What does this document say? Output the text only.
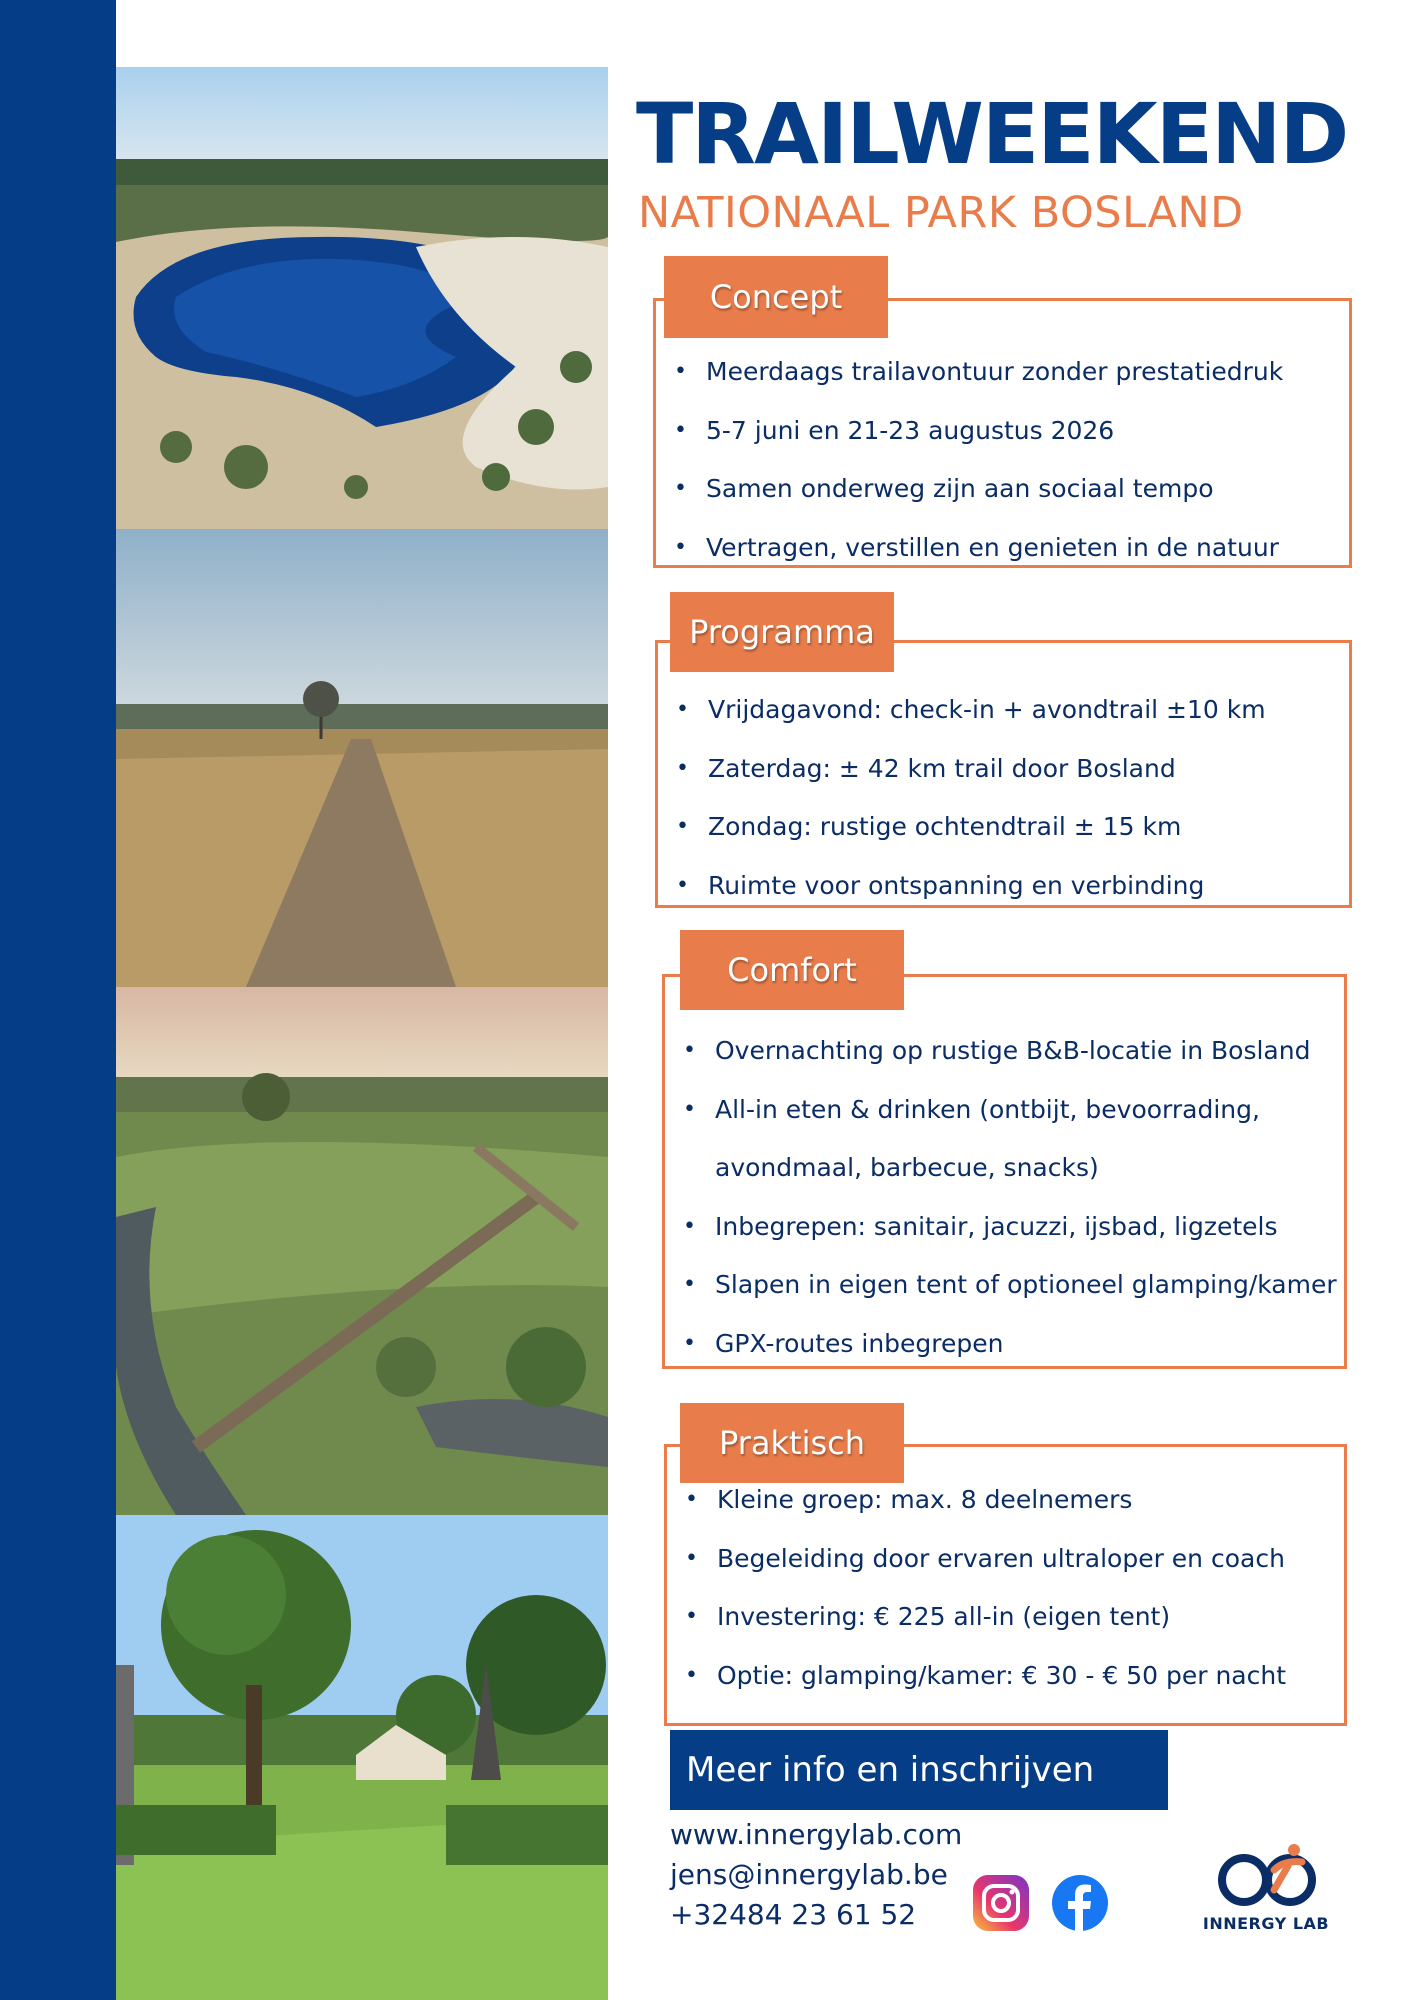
TRAILWEEKEND
NATIONAAL PARK BOSLAND
• Meerdaags trailavontuur zonder prestatiedruk
• 5-7 juni en 21-23 augustus 2026
• Samen onderweg zijn aan sociaal tempo
• Vertragen, verstillen en genieten in de natuur
Concept
• Vrijdagavond: check-in + avondtrail ±10 km
• Zaterdag: ± 42 km trail door Bosland
• Zondag: rustige ochtendtrail ± 15 km
• Ruimte voor ontspanning en verbinding
Programma
• Overnachting op rustige B&B-locatie in Bosland
• All-in eten & drinken (ontbijt, bevoorrading,
avondmaal, barbecue, snacks)
• Inbegrepen: sanitair, jacuzzi, ijsbad, ligzetels
• Slapen in eigen tent of optioneel glamping/kamer
• GPX-routes inbegrepen
Comfort
• Kleine groep: max. 8 deelnemers
• Begeleiding door ervaren ultraloper en coach
• Investering: € 225 all-in (eigen tent)
• Optie: glamping/kamer: € 30 - € 50 per nacht
Praktisch
Meer info en inschrijven
www.innergylab.com
jens@innergylab.be
+32484 23 61 52	INNERGY LAB
